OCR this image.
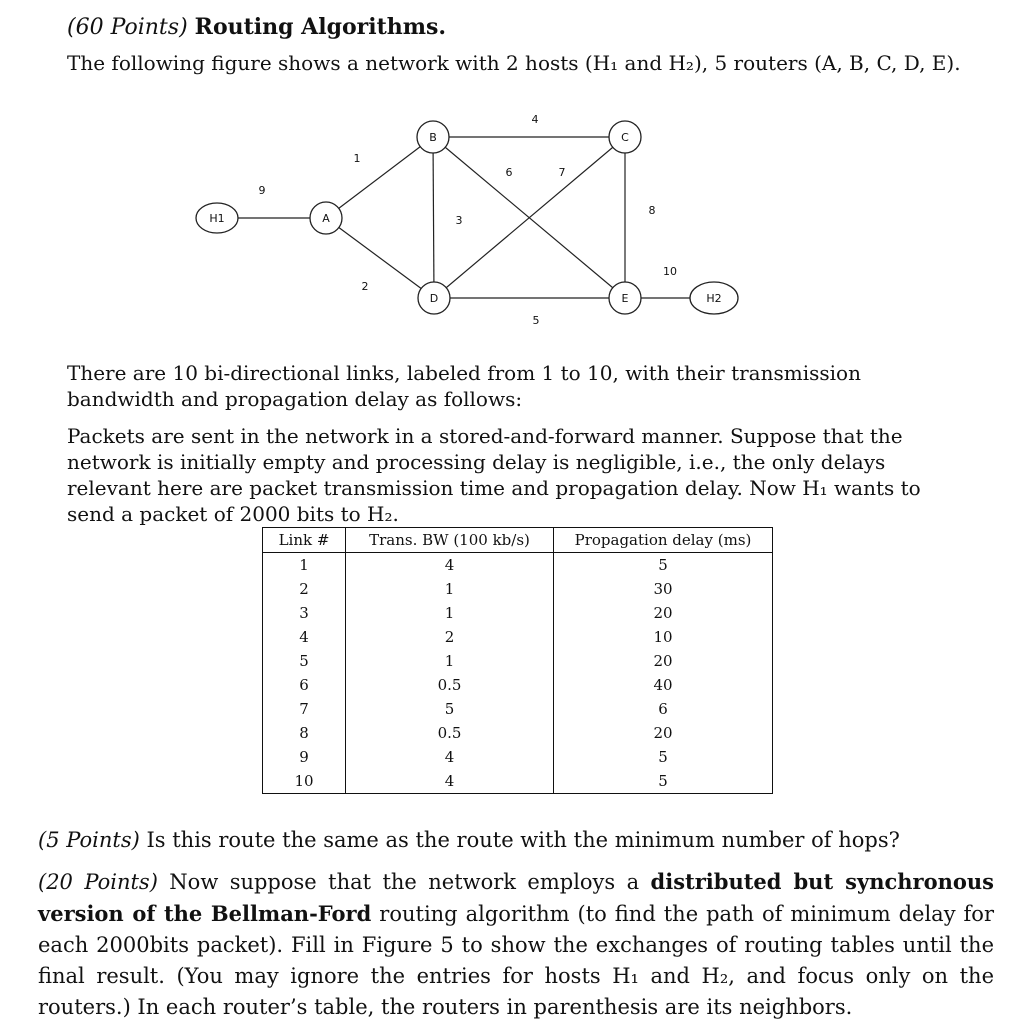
(60 Points) Routing Algorithms.

The following figure shows a network with 2 hosts (H₁ and H₂), 5 routers (A, B, C, D, E).

H1	A
B	C
D	E	H2
1
2
3
4
5
6	7
8
9
10

There are 10 bi-directional links, labeled from 1 to 10, with their transmission bandwidth and propagation delay as follows:

Packets are sent in the network in a stored-and-forward manner. Suppose that the network is initially empty and processing delay is negligible, i.e., the only delays relevant here are packet transmission time and propagation delay. Now H₁ wants to send a packet of 2000 bits to H₂.

Link #	Trans. BW (100 kb/s)	Propagation delay (ms)
1	4	5
2	1	30
3	1	20
4	2	10
5	1	20
6	0.5	40
7	5	6
8	0.5	20
9	4	5
10	4	5

(5 Points) Is this route the same as the route with the minimum number of hops?

(20 Points) Now suppose that the network employs a distributed but synchronous version of the Bellman-Ford routing algorithm (to find the path of minimum delay for each 2000bits packet). Fill in Figure 5 to show the exchanges of routing tables until the final result. (You may ignore the entries for hosts H₁ and H₂, and focus only on the routers.) In each router’s table, the routers in parenthesis are its neighbors.
